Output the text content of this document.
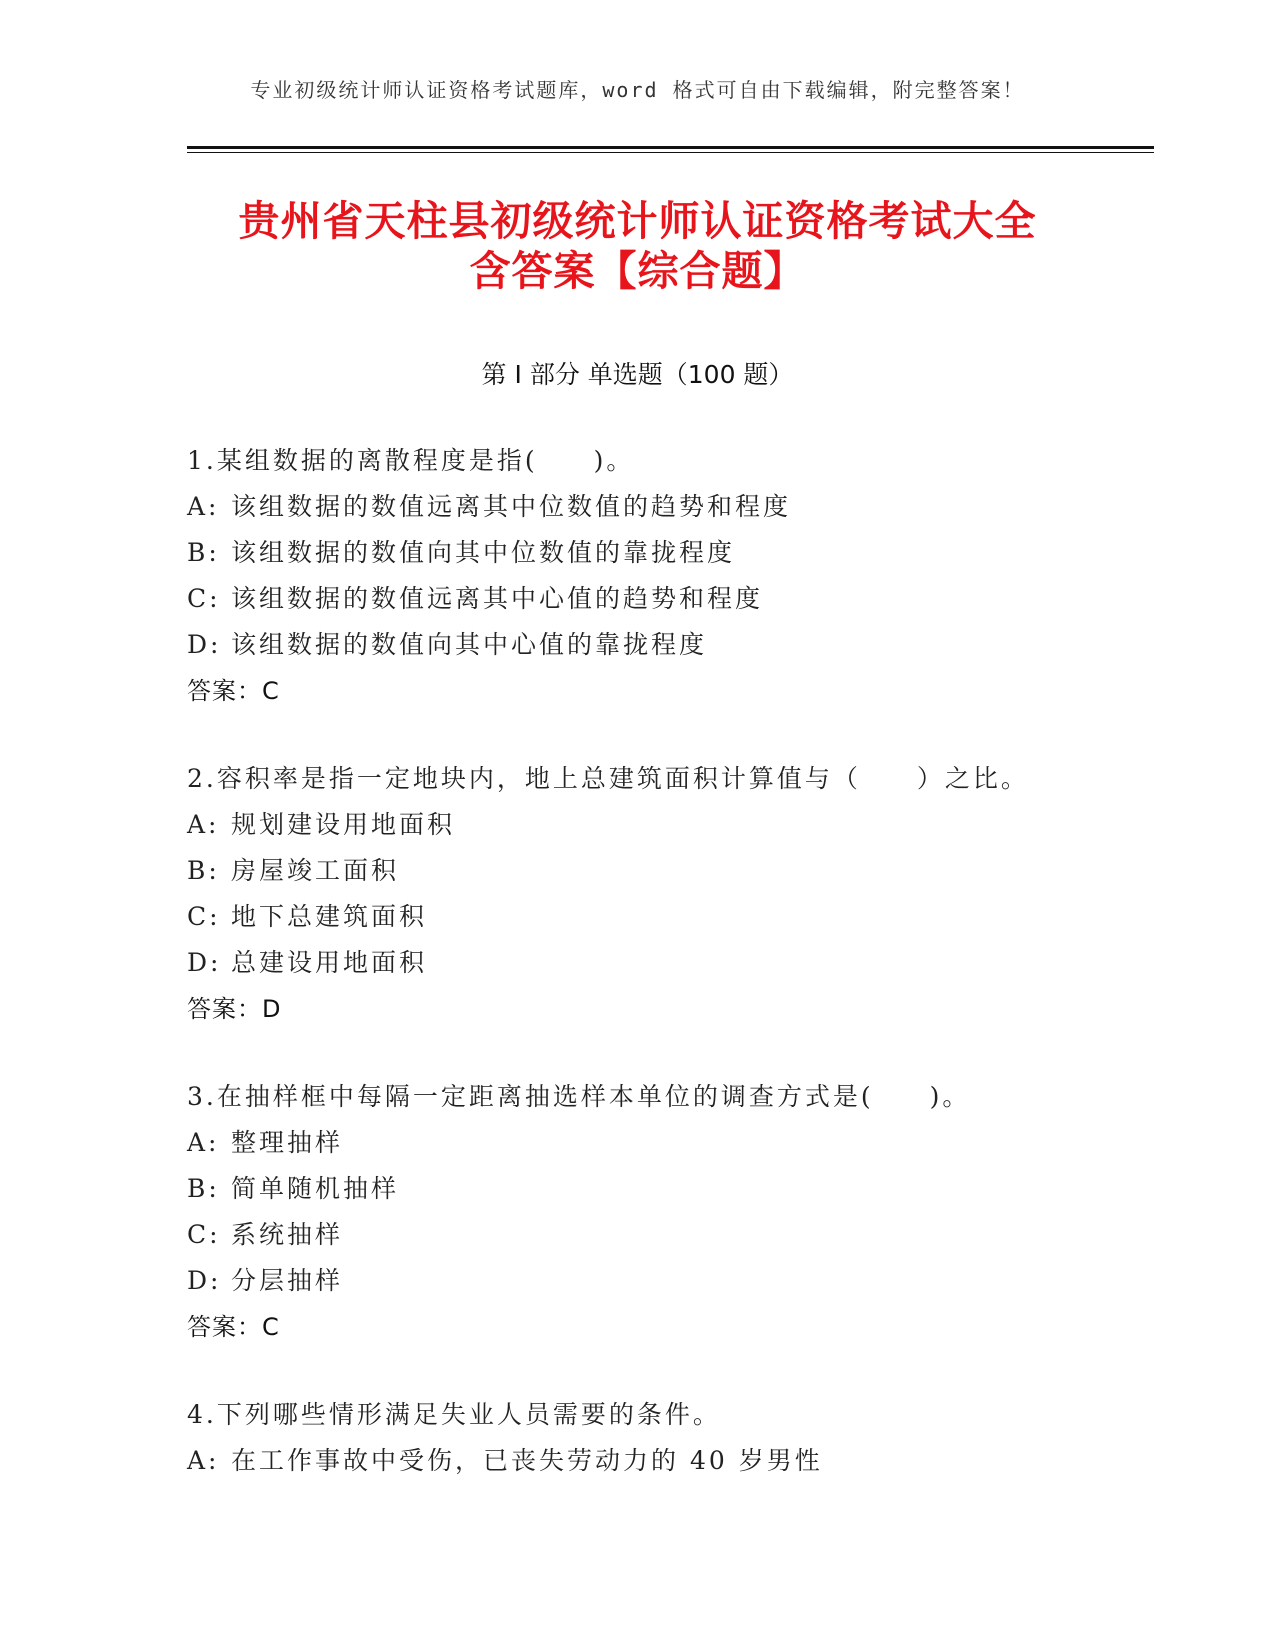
专业初级统计师认证资格考试题库，word 格式可自由下载编辑，附完整答案！
贵州省天柱县初级统计师认证资格考试大全
含答案【综合题】
第 I 部分 单选题（100 题）
1.某组数据的离散程度是指(　　)。
A: 该组数据的数值远离其中位数值的趋势和程度
B: 该组数据的数值向其中位数值的靠拢程度
C: 该组数据的数值远离其中心值的趋势和程度
D: 该组数据的数值向其中心值的靠拢程度
答案：C
2.容积率是指一定地块内，地上总建筑面积计算值与（　　）之比。
A: 规划建设用地面积
B: 房屋竣工面积
C: 地下总建筑面积
D: 总建设用地面积
答案：D
3.在抽样框中每隔一定距离抽选样本单位的调查方式是(　　)。
A: 整理抽样
B: 简单随机抽样
C: 系统抽样
D: 分层抽样
答案：C
4.下列哪些情形满足失业人员需要的条件。
A: 在工作事故中受伤，已丧失劳动力的 40 岁男性
